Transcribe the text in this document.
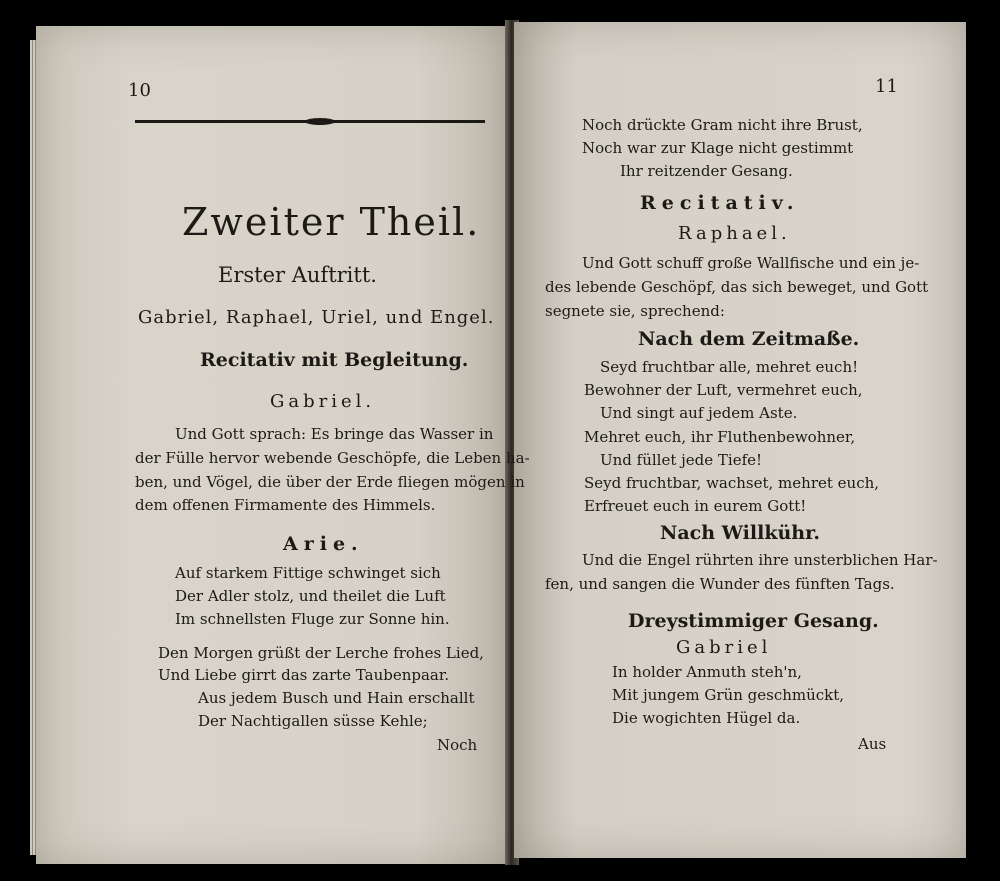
10
Zweiter Theil.
Erster Auftritt.
Gabriel, Raphael, Uriel, und Engel.
Recitativ mit Begleitung.
Gabriel.
Und Gott sprach: Es bringe das Wasser in
der Fülle hervor webende Geschöpfe, die Leben ha-
ben, und Vögel, die über der Erde fliegen mögen in
dem offenen Firmamente des Himmels.
Arie.
Auf starkem Fittige schwinget sich
Der Adler stolz, und theilet die Luft
Im schnellsten Fluge zur Sonne hin.
Den Morgen grüßt der Lerche frohes Lied,
Und Liebe girrt das zarte Taubenpaar.
Aus jedem Busch und Hain erschallt
Der Nachtigallen süsse Kehle;
Noch
11
Noch drückte Gram nicht ihre Brust,
Noch war zur Klage nicht gestimmt
Ihr reitzender Gesang.
Recitativ.
Raphael.
Und Gott schuff große Wallfische und ein je-
des lebende Geschöpf, das sich beweget, und Gott
segnete sie, sprechend:
Nach dem Zeitmaße.
Seyd fruchtbar alle, mehret euch!
Bewohner der Luft, vermehret euch,
Und singt auf jedem Aste.
Mehret euch, ihr Fluthenbewohner,
Und füllet jede Tiefe!
Seyd fruchtbar, wachset, mehret euch,
Erfreuet euch in eurem Gott!
Nach Willkühr.
Und die Engel rührten ihre unsterblichen Har-
fen, und sangen die Wunder des fünften Tags.
Dreystimmiger Gesang.
Gabriel
In holder Anmuth steh'n,
Mit jungem Grün geschmückt,
Die wogichten Hügel da.
Aus
